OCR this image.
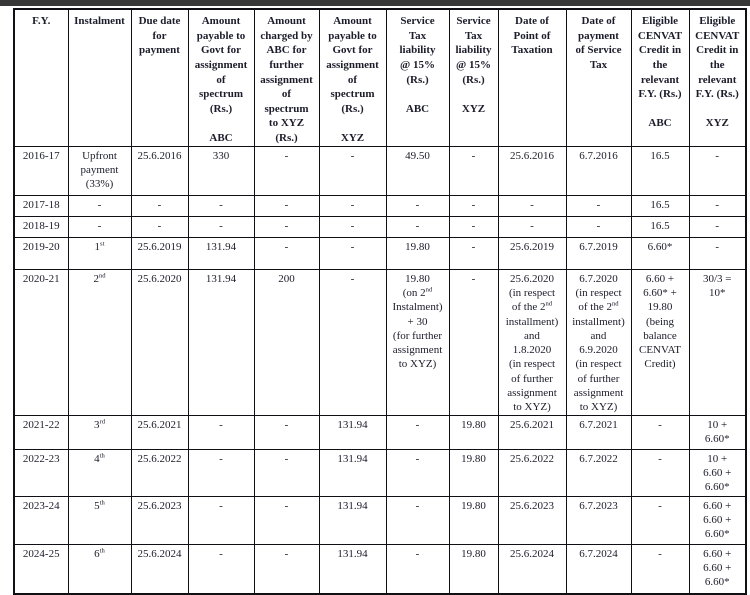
F.Y.	Instalment	Due date
for
payment	Amount
payable to
Govt for
assignment
of
spectrum
(Rs.)

ABC	Amount
charged by
ABC for
further
assignment
of
spectrum
to XYZ
(Rs.)	Amount
payable to
Govt for
assignment
of
spectrum
(Rs.)

XYZ	Service
Tax
liability
@ 15%
(Rs.)

ABC	Service
Tax
liability
@ 15%
(Rs.)

XYZ	Date of
Point of
Taxation	Date of
payment
of Service
Tax	Eligible
CENVAT
Credit in
the
relevant
F.Y. (Rs.)

ABC	Eligible
CENVAT
Credit in
the
relevant
F.Y. (Rs.)

XYZ
2016-17	Upfront
payment
(33%)	25.6.2016	330	-	-	49.50	-	25.6.2016	6.7.2016	16.5	-
2017-18	-	-	-	-	-	-	-	-	-	16.5	-
2018-19	-	-	-	-	-	-	-	-	-	16.5	-
2019-20	1st	25.6.2019	131.94	-	-	19.80	-	25.6.2019	6.7.2019	6.60*	-
2020-21	2nd	25.6.2020	131.94	200	-	19.80
(on 2nd
Instalment)
+ 30
(for further
assignment
to XYZ)	-	25.6.2020
(in respect
of the 2nd
installment)
and
1.8.2020
(in respect
of further
assignment
to XYZ)	6.7.2020
(in respect
of the 2nd
installment)
and
6.9.2020
(in respect
of further
assignment
to XYZ)	6.60 +
6.60* +
19.80
(being
balance
CENVAT
Credit)	30/3 =
10*
2021-22	3rd	25.6.2021	-	-	131.94	-	19.80	25.6.2021	6.7.2021	-	10 +
6.60*
2022-23	4th	25.6.2022	-	-	131.94	-	19.80	25.6.2022	6.7.2022	-	10 +
6.60 +
6.60*
2023-24	5th	25.6.2023	-	-	131.94	-	19.80	25.6.2023	6.7.2023	-	6.60 +
6.60 +
6.60*
2024-25	6th	25.6.2024	-	-	131.94	-	19.80	25.6.2024	6.7.2024	-	6.60 +
6.60 +
6.60*
